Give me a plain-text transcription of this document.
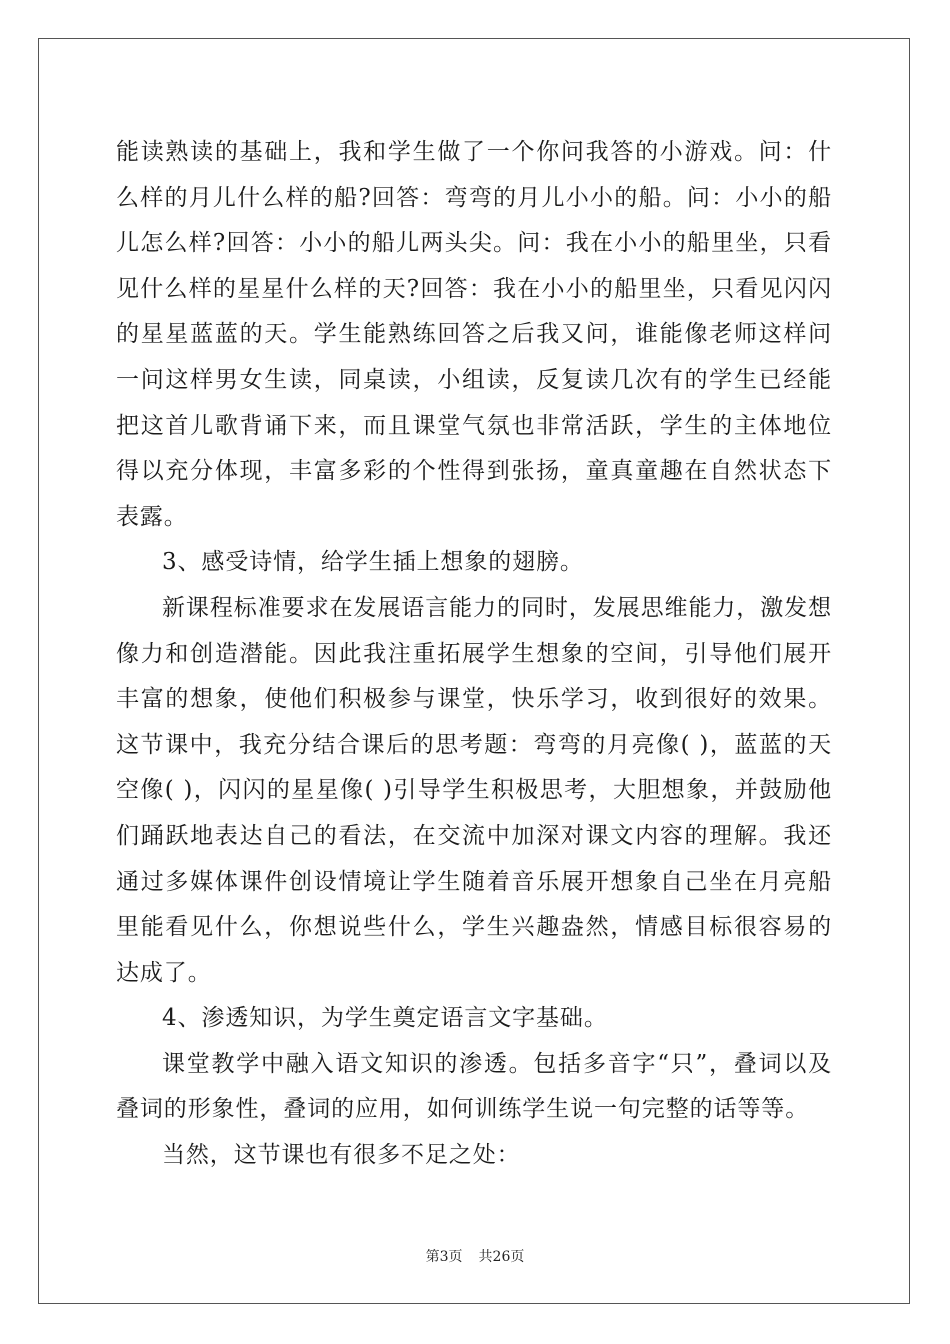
能读熟读的基础上，我和学生做了一个你问我答的小游戏。问：什么样的月儿什么样的船?回答：弯弯的月儿小小的船。问：小小的船儿怎么样?回答：小小的船儿两头尖。问：我在小小的船里坐，只看见什么样的星星什么样的天?回答：我在小小的船里坐，只看见闪闪的星星蓝蓝的天。学生能熟练回答之后我又问，谁能像老师这样问一问这样男女生读，同桌读，小组读，反复读几次有的学生已经能把这首儿歌背诵下来，而且课堂气氛也非常活跃，学生的主体地位得以充分体现，丰富多彩的个性得到张扬，童真童趣在自然状态下表露。

3、感受诗情，给学生插上想象的翅膀。

新课程标准要求在发展语言能力的同时，发展思维能力，激发想像力和创造潜能。因此我注重拓展学生想象的空间，引导他们展开丰富的想象，使他们积极参与课堂，快乐学习，收到很好的效果。这节课中，我充分结合课后的思考题：弯弯的月亮像( )，蓝蓝的天空像( )，闪闪的星星像( )引导学生积极思考，大胆想象，并鼓励他们踊跃地表达自己的看法，在交流中加深对课文内容的理解。我还通过多媒体课件创设情境让学生随着音乐展开想象自己坐在月亮船里能看见什么，你想说些什么，学生兴趣盎然，情感目标很容易的达成了。

4、渗透知识，为学生奠定语言文字基础。

课堂教学中融入语文知识的渗透。包括多音字“只”，叠词以及叠词的形象性，叠词的应用，如何训练学生说一句完整的话等等。

当然，这节课也有很多不足之处：

第3页 共26页
